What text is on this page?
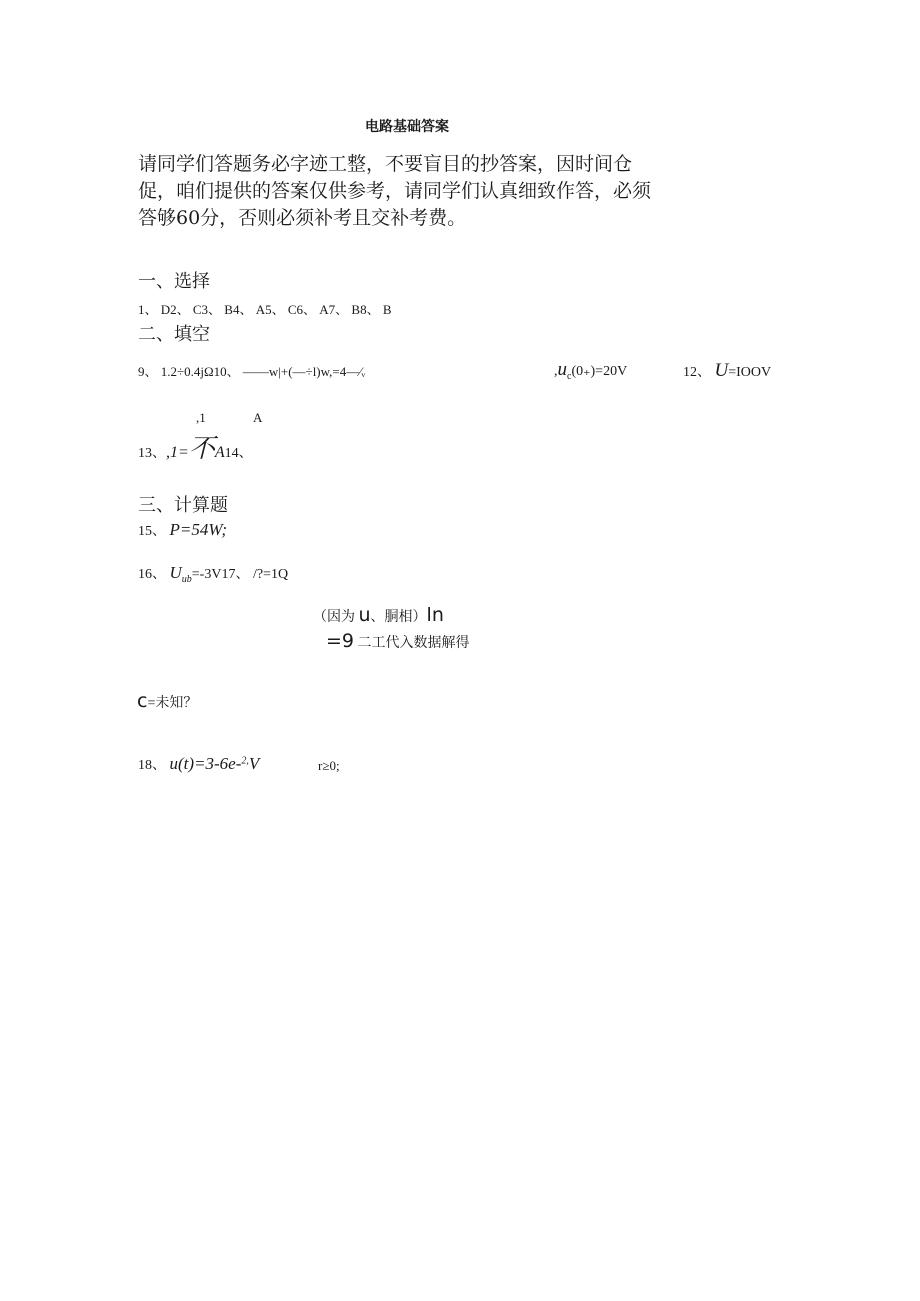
电路基础答案
请同学们答题务必字迹工整，不要盲目的抄答案，因时间仓
促，咱们提供的答案仅供参考，请同学们认真细致作答，必须
答够60分，否则必须补考且交补考费。
一、选择
1、 D2、 C3、 B4、 A5、 C6、 A7、 B8、 B
二、填空
9、 1.2÷0.4jΩ10、 ——w|+(—÷l)w,=4—⁄ᵥ	$,u_c(0_+)=20V$	12、 U=IOOV
,1	A
13、,1=不A14、
三、计算题
15、 P=54W;
16、 $U_{ub}=-3V17$、 /?=1Q
（因为 u、胴相）ln
=9 二工代入数据解得
c=未知？
18、 u(t)=3-6e-$^{2,}$V	r≥0;
